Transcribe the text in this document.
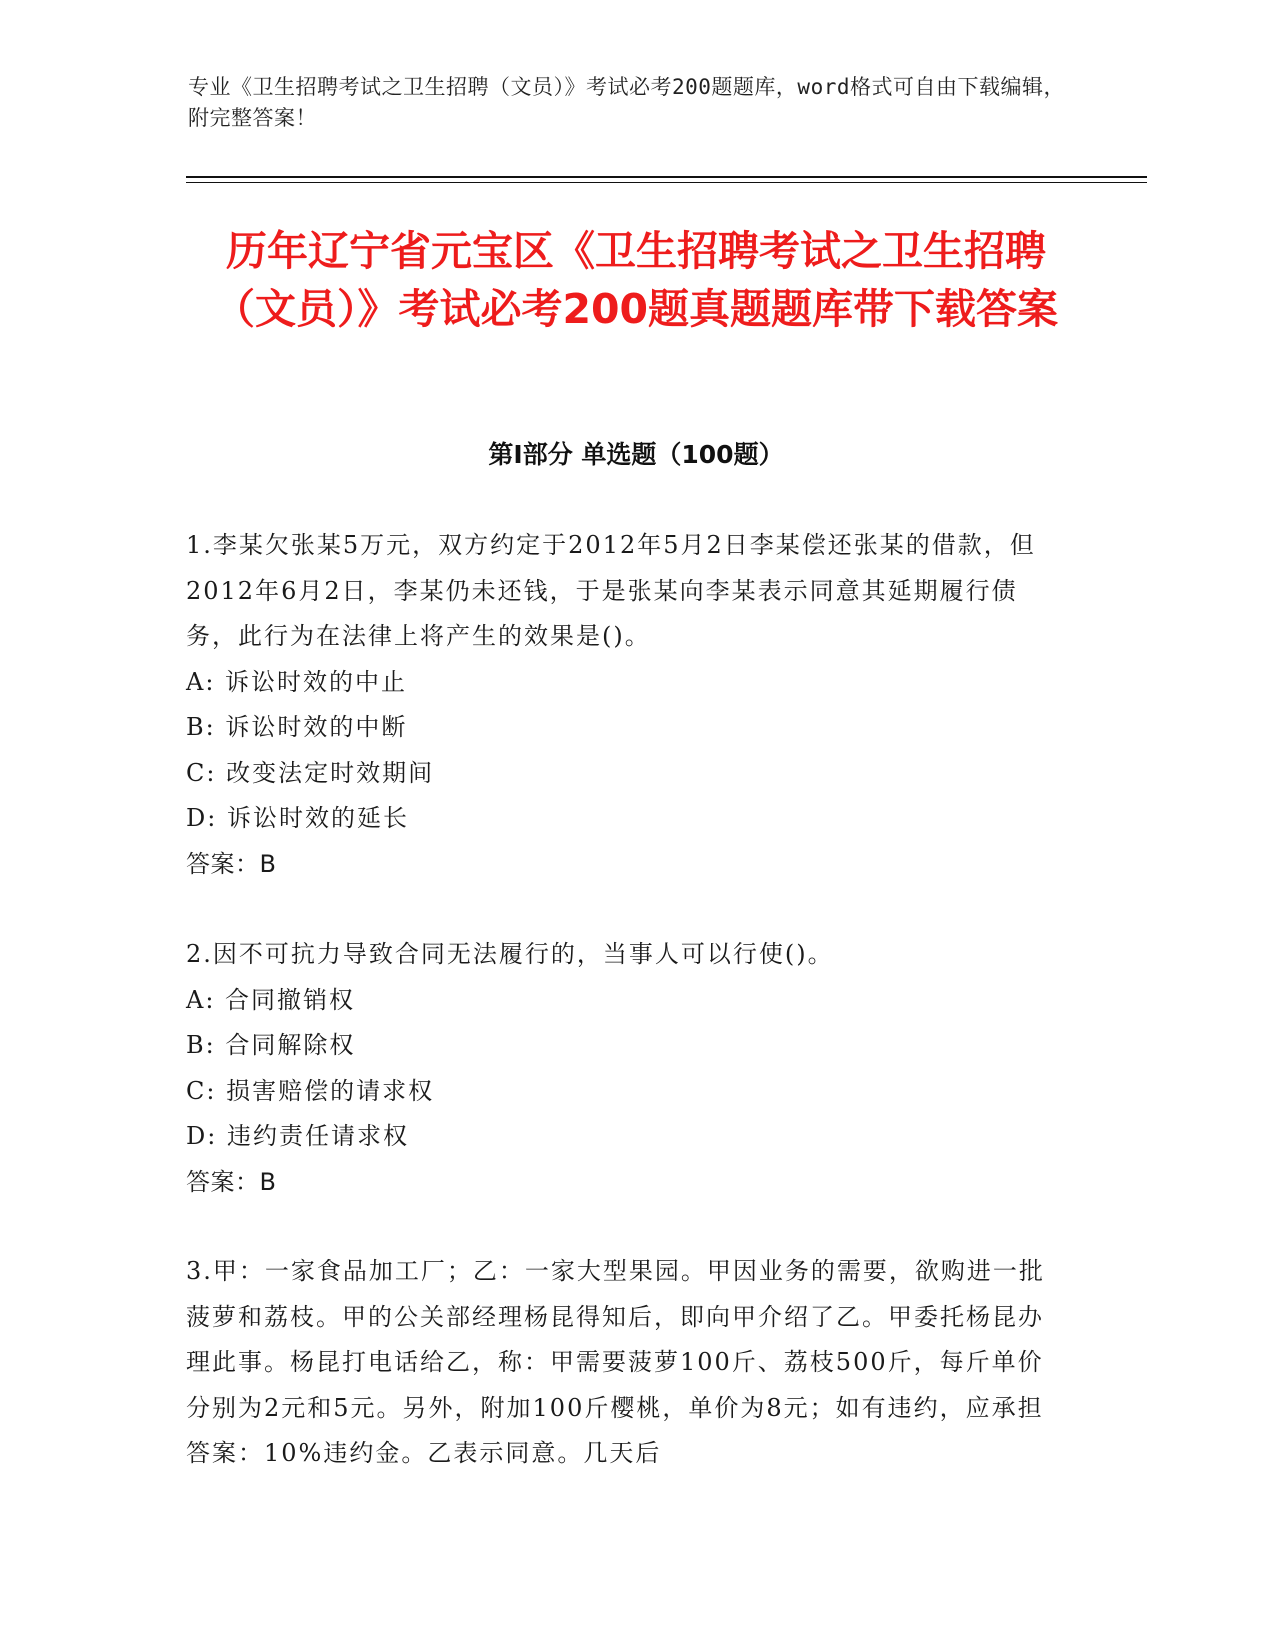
专业《卫生招聘考试之卫生招聘（文员）》考试必考200题题库，word格式可自由下载编辑，附完整答案！
历年辽宁省元宝区《卫生招聘考试之卫生招聘（文员）》考试必考200题真题题库带下载答案
第I部分 单选题（100题）

1.李某欠张某5万元，双方约定于2012年5月2日李某偿还张某的借款，但2012年6月2日，李某仍未还钱，于是张某向李某表示同意其延期履行债务，此行为在法律上将产生的效果是()。

A: 诉讼时效的中止

B: 诉讼时效的中断

C: 改变法定时效期间

D: 诉讼时效的延长

答案：B

2.因不可抗力导致合同无法履行的，当事人可以行使()。

A: 合同撤销权

B: 合同解除权

C: 损害赔偿的请求权

D: 违约责任请求权

答案：B

3.甲：一家食品加工厂；乙：一家大型果园。甲因业务的需要，欲购进一批菠萝和荔枝。甲的公关部经理杨昆得知后，即向甲介绍了乙。甲委托杨昆办理此事。杨昆打电话给乙，称：甲需要菠萝100斤、荔枝500斤，每斤单价分别为2元和5元。另外，附加100斤樱桃，单价为8元；如有违约，应承担答案：10%违约金。乙表示同意。几天后
